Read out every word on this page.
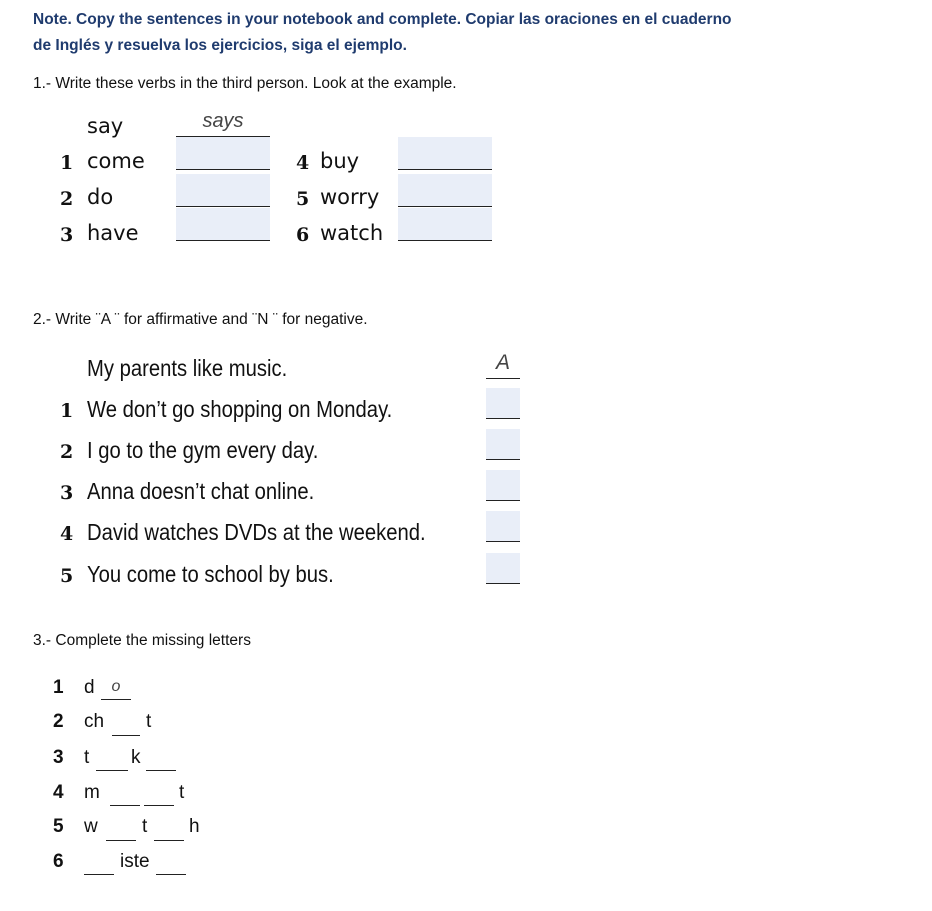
Note. Copy the sentences in your notebook and complete. Copiar las oraciones en el cuaderno
de Inglés y resuelva los ejercicios, siga el ejemplo.
1.- Write these verbs in the third person. Look at the example.
say	says
1 come
2 do
3 have
4 buy
5 worry
6 watch
2.- Write ¨A ¨ for affirmative and ¨N ¨ for negative.
My parents like music.	A
1 We don’t go shopping on Monday.
2 I go to the gym every day.
3 Anna doesn’t chat online.
4 David watches DVDs at the weekend.
5 You come to school by bus.
3.- Complete the missing letters
1 d	o
2 ch t
3 t k
4 m	t
5 w t h
6	iste
